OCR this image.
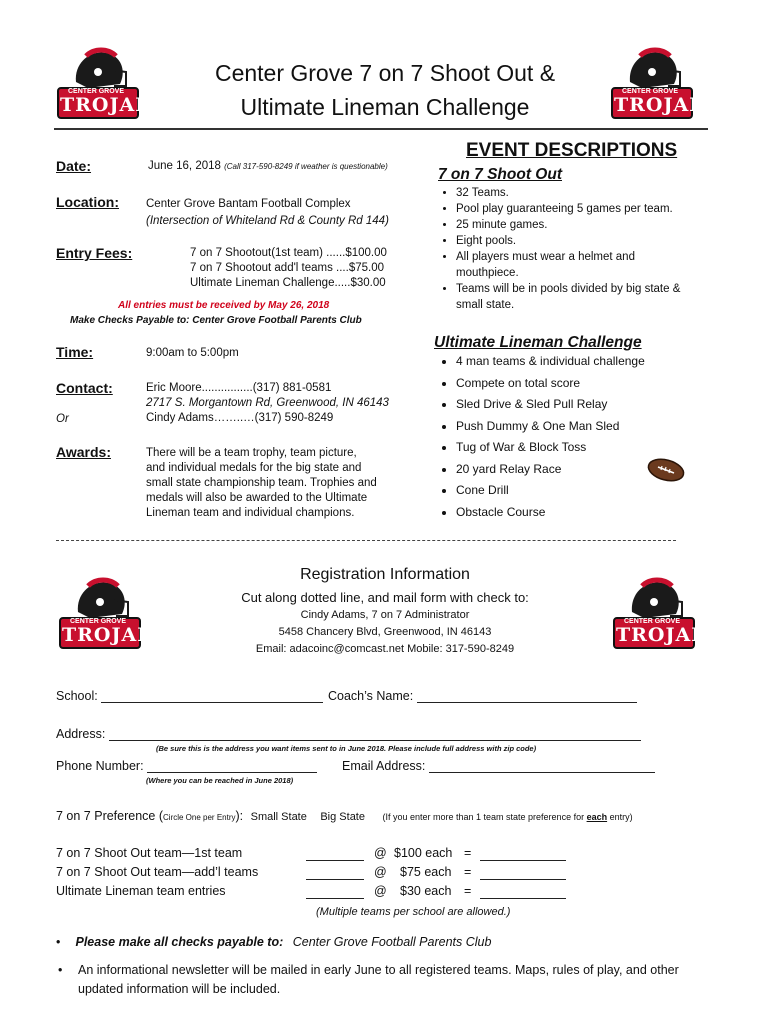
CENTER GROVE
TROJANS
CENTER GROVE
TROJANS
Center Grove 7 on 7 Shoot Out &
Ultimate Lineman Challenge
Date:	June 16, 2018 (Call 317-590-8249 if weather is questionable)
Location: Center Grove Bantam Football Complex
(Intersection of Whiteland Rd & County Rd 144)
Entry Fees:	7 on 7 Shootout(1st team) ......$100.00
7 on 7 Shootout add'l teams ....$75.00
Ultimate Lineman Challenge.....$30.00
All entries must be received by May 26, 2018
Make Checks Payable to: Center Grove Football Parents Club
Time:	9:00am to 5:00pm
Contact:
Or
Eric Moore................(317) 881-0581
2717 S. Morgantown Rd, Greenwood, IN 46143
Cindy Adams……..…(317) 590-8249
Awards:	There will be a team trophy, team picture,
and individual medals for the big state and
small state championship team. Trophies and
medals will also be awarded to the Ultimate
Lineman team and individual champions.
EVENT DESCRIPTIONS
7 on 7 Shoot Out
• 32 Teams.
• Pool play guaranteeing 5 games per team.
• 25 minute games.
• Eight pools.
• All players must wear a helmet and mouthpiece.
• Teams will be in pools divided by big state & small state.
Ultimate Lineman Challenge
• 4 man teams & individual challenge
• Compete on total score
• Sled Drive & Sled Pull Relay
• Push Dummy & One Man Sled
• Tug of War & Block Toss
• 20 yard Relay Race
• Cone Drill
• Obstacle Course
CENTER GROVE
TROJANS
CENTER GROVE
TROJANS
Registration Information
Cut along dotted line, and mail form with check to:
Cindy Adams, 7 on 7 Administrator
5458 Chancery Blvd, Greenwood, IN 46143
Email: adacoinc@comcast.net Mobile: 317-590-8249
School:	Coach’s Name:
Address:
(Be sure this is the address you want items sent to in June 2018. Please include full address with zip code)
Phone Number:	Email Address:
(Where you can be reached in June 2018)
7 on 7 Preference (Circle One per Entry): Small State Big State (If you enter more than 1 team state preference for each entry)
7 on 7 Shoot Out team—1st team	@ $100 each =
7 on 7 Shoot Out team—add’l teams	@ $75 each =
Ultimate Lineman team entries	@ $30 each =
(Multiple teams per school are allowed.)
• Please make all checks payable to: Center Grove Football Parents Club
• An informational newsletter will be mailed in early June to all registered teams. Maps, rules of play, and other updated information will be included.
